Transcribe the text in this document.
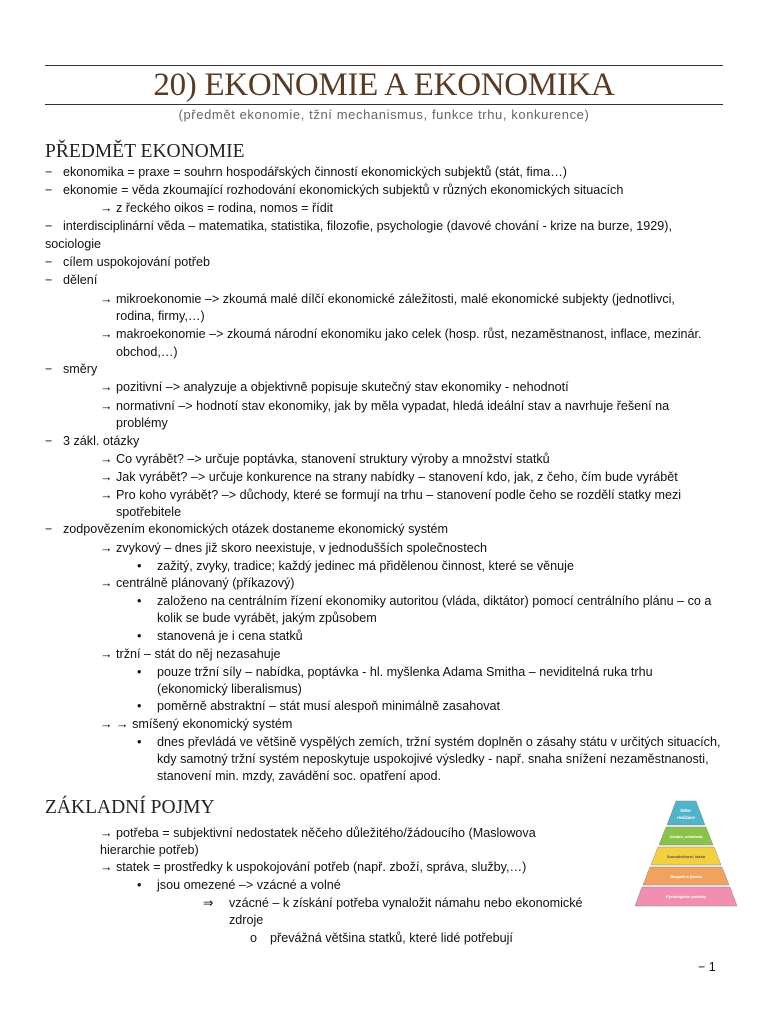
20) EKONOMIE A EKONOMIKA
(předmět ekonomie, tžní mechanismus, funkce trhu, konkurence)
PŘEDMĚT EKONOMIE
− ekonomika = praxe = souhrn hospodářských činností ekonomických subjektů (stát, fima…)
− ekonomie = věda zkoumající rozhodování ekonomických subjektů v různých ekonomických situacích
→ z řeckého oikos = rodina, nomos = řídit
− interdisciplinární věda – matematika, statistika, filozofie, psychologie (davové chování - krize na burze, 1929),
sociologie
− cílem uspokojování potřeb
− dělení
→ mikroekonomie –> zkoumá malé dílčí ekonomické záležitosti, malé ekonomické subjekty (jednotlivci,
rodina, firmy,…)
→ makroekonomie –> zkoumá národní ekonomiku jako celek (hosp. růst, nezaměstnanost, inflace, mezinár.
obchod,…)
− směry
→ pozitivní –> analyzuje a objektivně popisuje skutečný stav ekonomiky - nehodnotí
→ normativní –> hodnotí stav ekonomiky, jak by měla vypadat, hledá ideální stav a navrhuje řešení na
problémy
− 3 zákl. otázky
→ Co vyrábět? –> určuje poptávka, stanovení struktury výroby a množství statků
→ Jak vyrábět? –> určuje konkurence na strany nabídky – stanovení kdo, jak, z čeho, čím bude vyrábět
→ Pro koho vyrábět? –> důchody, které se formují na trhu – stanovení podle čeho se rozdělí statky mezi
spotřebitele
− zodpovězením ekonomických otázek dostaneme ekonomický systém
→ zvykový – dnes již skoro neexistuje, v jednodušších společnostech
• zažitý, zvyky, tradice; každý jedinec má přidělenou činnost, které se věnuje
→ centrálně plánovaný (příkazový)
• založeno na centrálním řízení ekonomiky autoritou (vláda, diktátor) pomocí centrálního plánu – co a
kolik se bude vyrábět, jakým způsobem
• stanovená je i cena statků
→ tržní – stát do něj nezasahuje
• pouze tržní síly – nabídka, poptávka - hl. myšlenka Adama Smitha – neviditelná ruka trhu
(ekonomický liberalismus)
• poměrně abstraktní – stát musí alespoň minimálně zasahovat
→ → smíšený ekonomický systém
• dnes převládá ve většině vyspělých zemích, tržní systém doplněn o zásahy státu v určitých situacích,
kdy samotný tržní systém neposkytuje uspokojivé výsledky - např. snaha snížení nezaměstnanosti,
stanovení min. mzdy, zavádění soc. opatření apod.
ZÁKLADNÍ POJMY
→ potřeba = subjektivní nedostatek něčeho důležitého/žádoucího (Maslowova
hierarchie potřeb)
→ statek = prostředky k uspokojování potřeb (např. zboží, správa, služby,…)
• jsou omezené –> vzácné a volné
⇒ vzácné – k získání potřeba vynaložit námahu nebo ekonomické
zdroje
o převážná většina statků, které lidé potřebují
Sebe-
realizace
Uznání, sebeúcta
Sounáležitost, láska
Bezpečí a jistota
Fyziologické potřeby
− 1
